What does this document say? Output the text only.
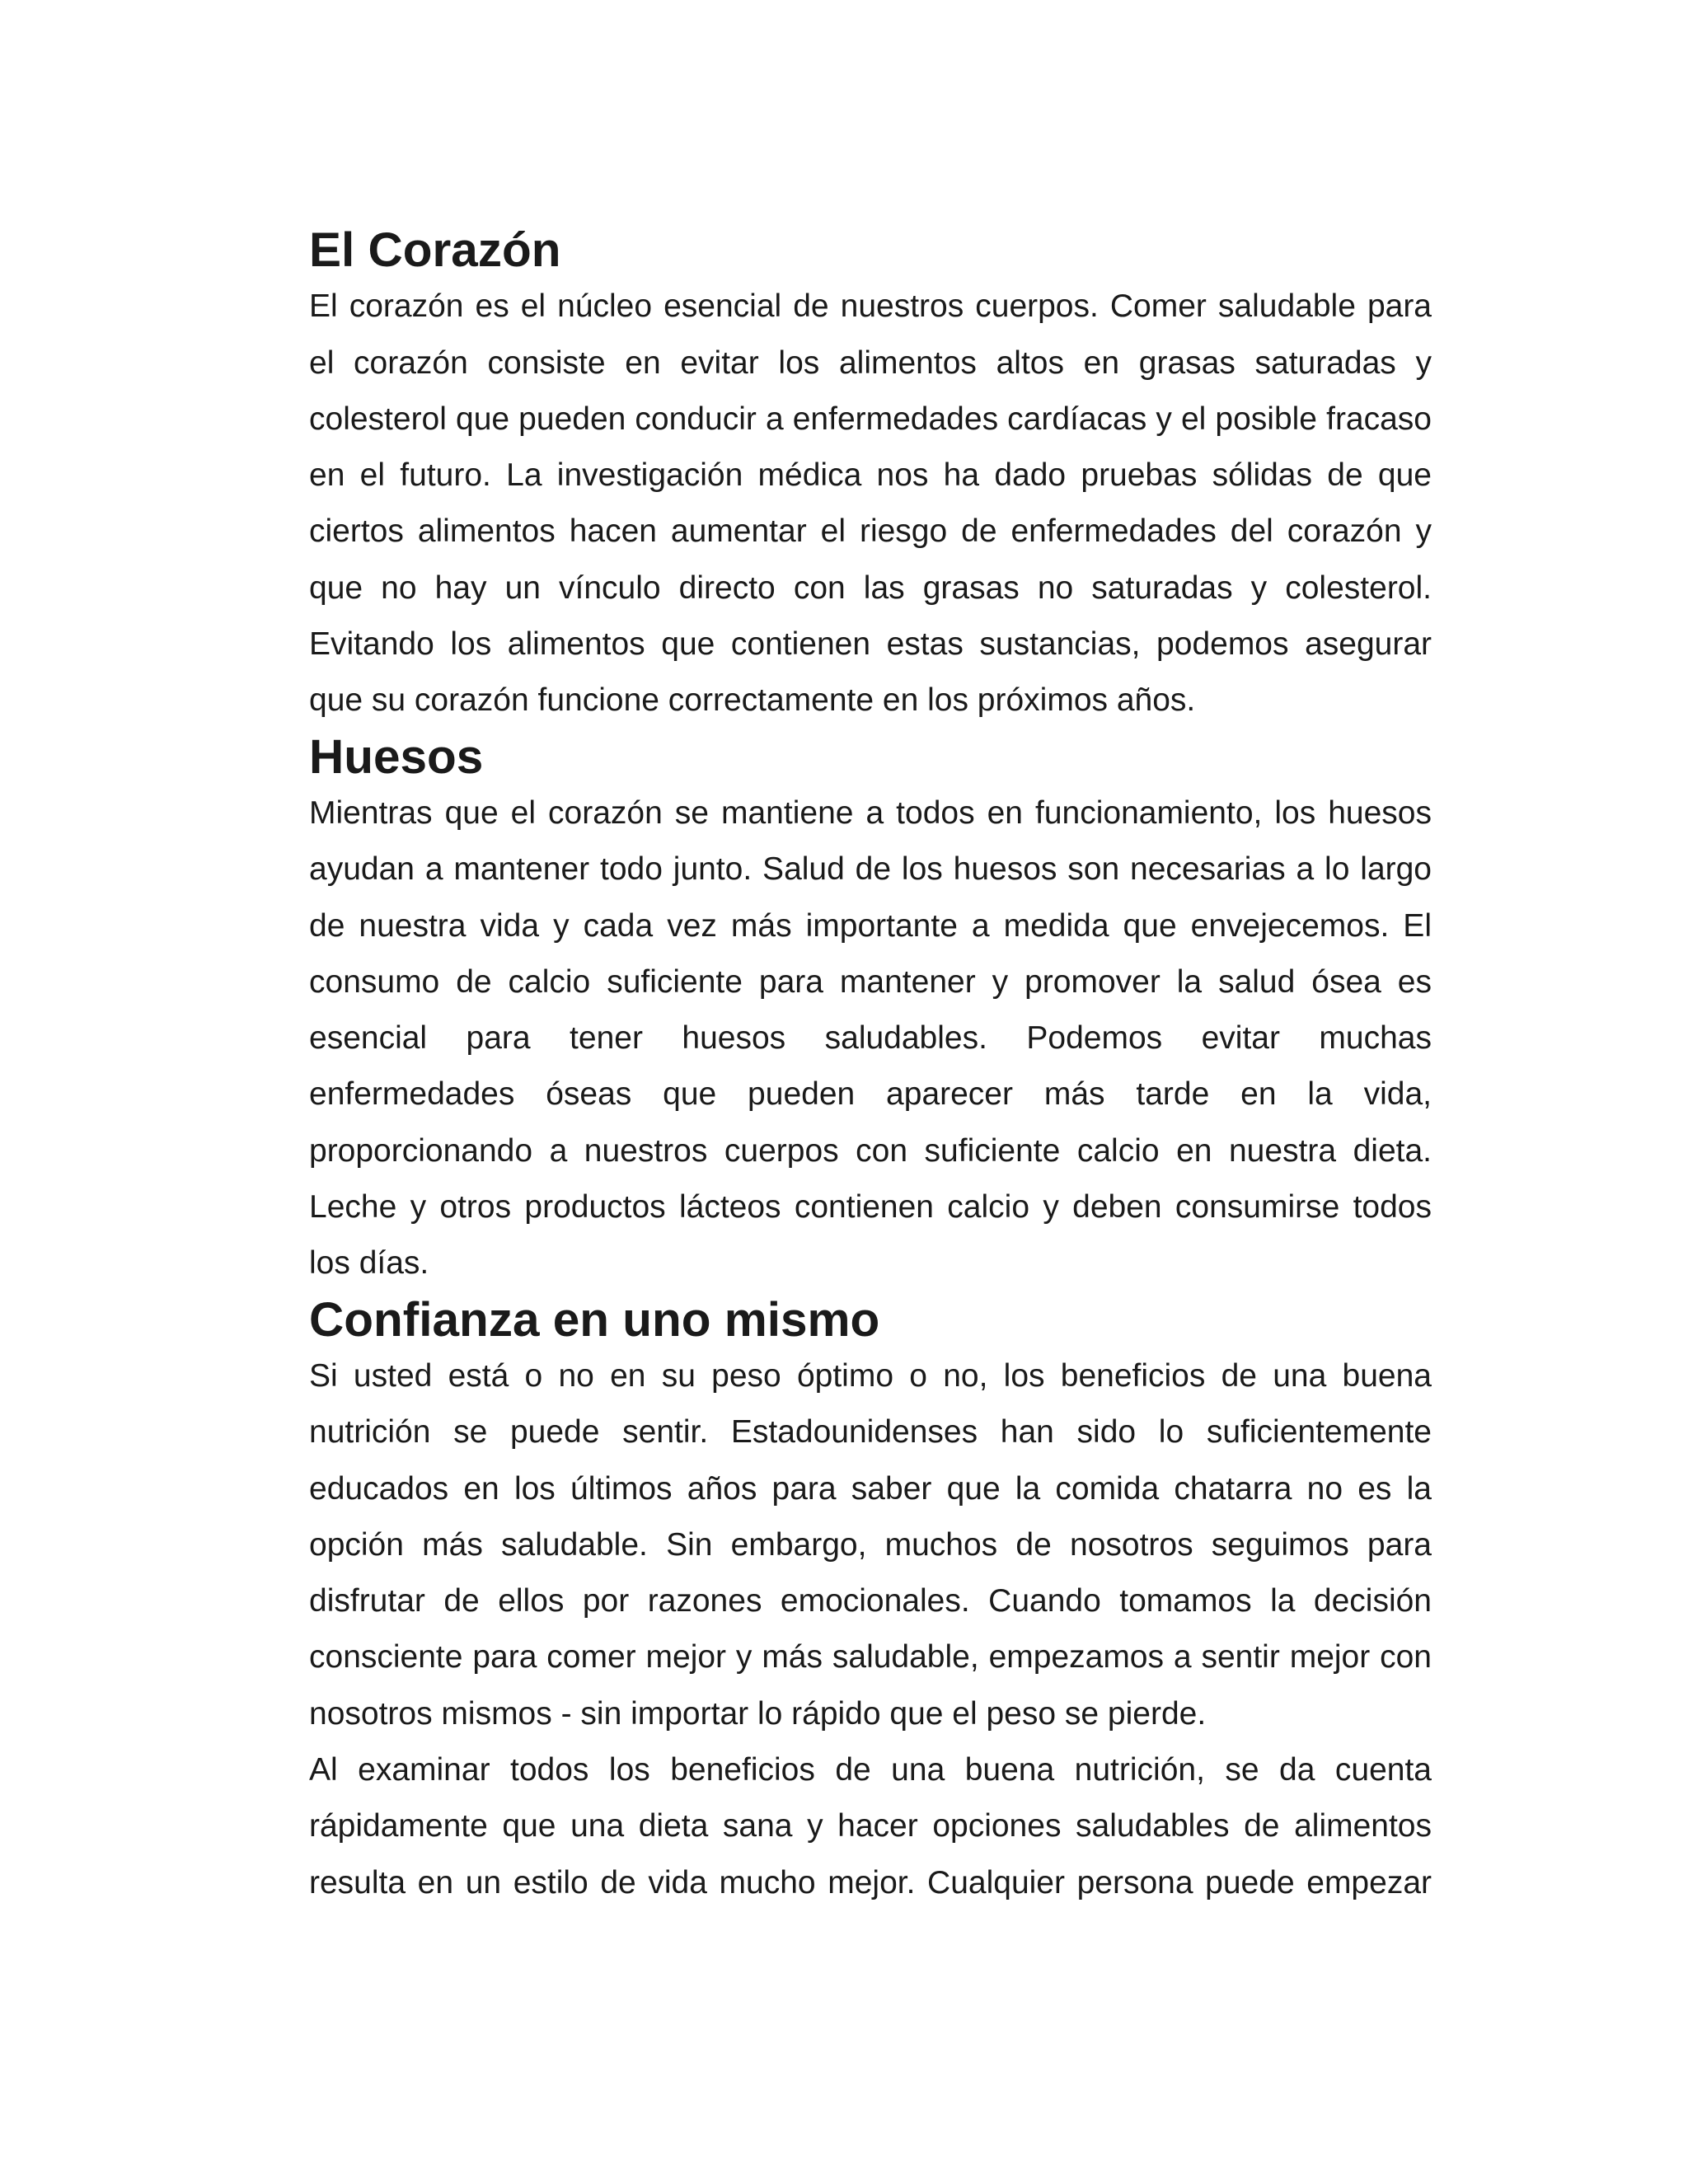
El Corazón

El corazón es el núcleo esencial de nuestros cuerpos. Comer saludable para el corazón consiste en evitar los alimentos altos en grasas saturadas y colesterol que pueden conducir a enfermedades cardíacas y el posible fracaso en el futuro. La investigación médica nos ha dado pruebas sólidas de que ciertos alimentos hacen aumentar el riesgo de enfermedades del corazón y que no hay un vínculo directo con las grasas no saturadas y colesterol. Evitando los alimentos que contienen estas sustancias, podemos asegurar que su corazón funcione correctamente en los próximos años.

Huesos

Mientras que el corazón se mantiene a todos en funcionamiento, los huesos ayudan a mantener todo junto. Salud de los huesos son necesarias a lo largo de nuestra vida y cada vez más importante a medida que envejecemos. El consumo de calcio suficiente para mantener y promover la salud ósea es esencial para tener huesos saludables. Podemos evitar muchas enfermedades óseas que pueden aparecer más tarde en la vida, proporcionando a nuestros cuerpos con suficiente calcio en nuestra dieta. Leche y otros productos lácteos contienen calcio y deben consumirse todos los días.

Confianza en uno mismo

Si usted está o no en su peso óptimo o no, los beneficios de una buena nutrición se puede sentir. Estadounidenses han sido lo suficientemente educados en los últimos años para saber que la comida chatarra no es la opción más saludable. Sin embargo, muchos de nosotros seguimos para disfrutar de ellos por razones emocionales. Cuando tomamos la decisión consciente para comer mejor y más saludable, empezamos a sentir mejor con nosotros mismos - sin importar lo rápido que el peso se pierde.

Al examinar todos los beneficios de una buena nutrición, se da cuenta rápidamente que una dieta sana y hacer opciones saludables de alimentos resulta en un estilo de vida mucho mejor. Cualquier persona puede empezar
